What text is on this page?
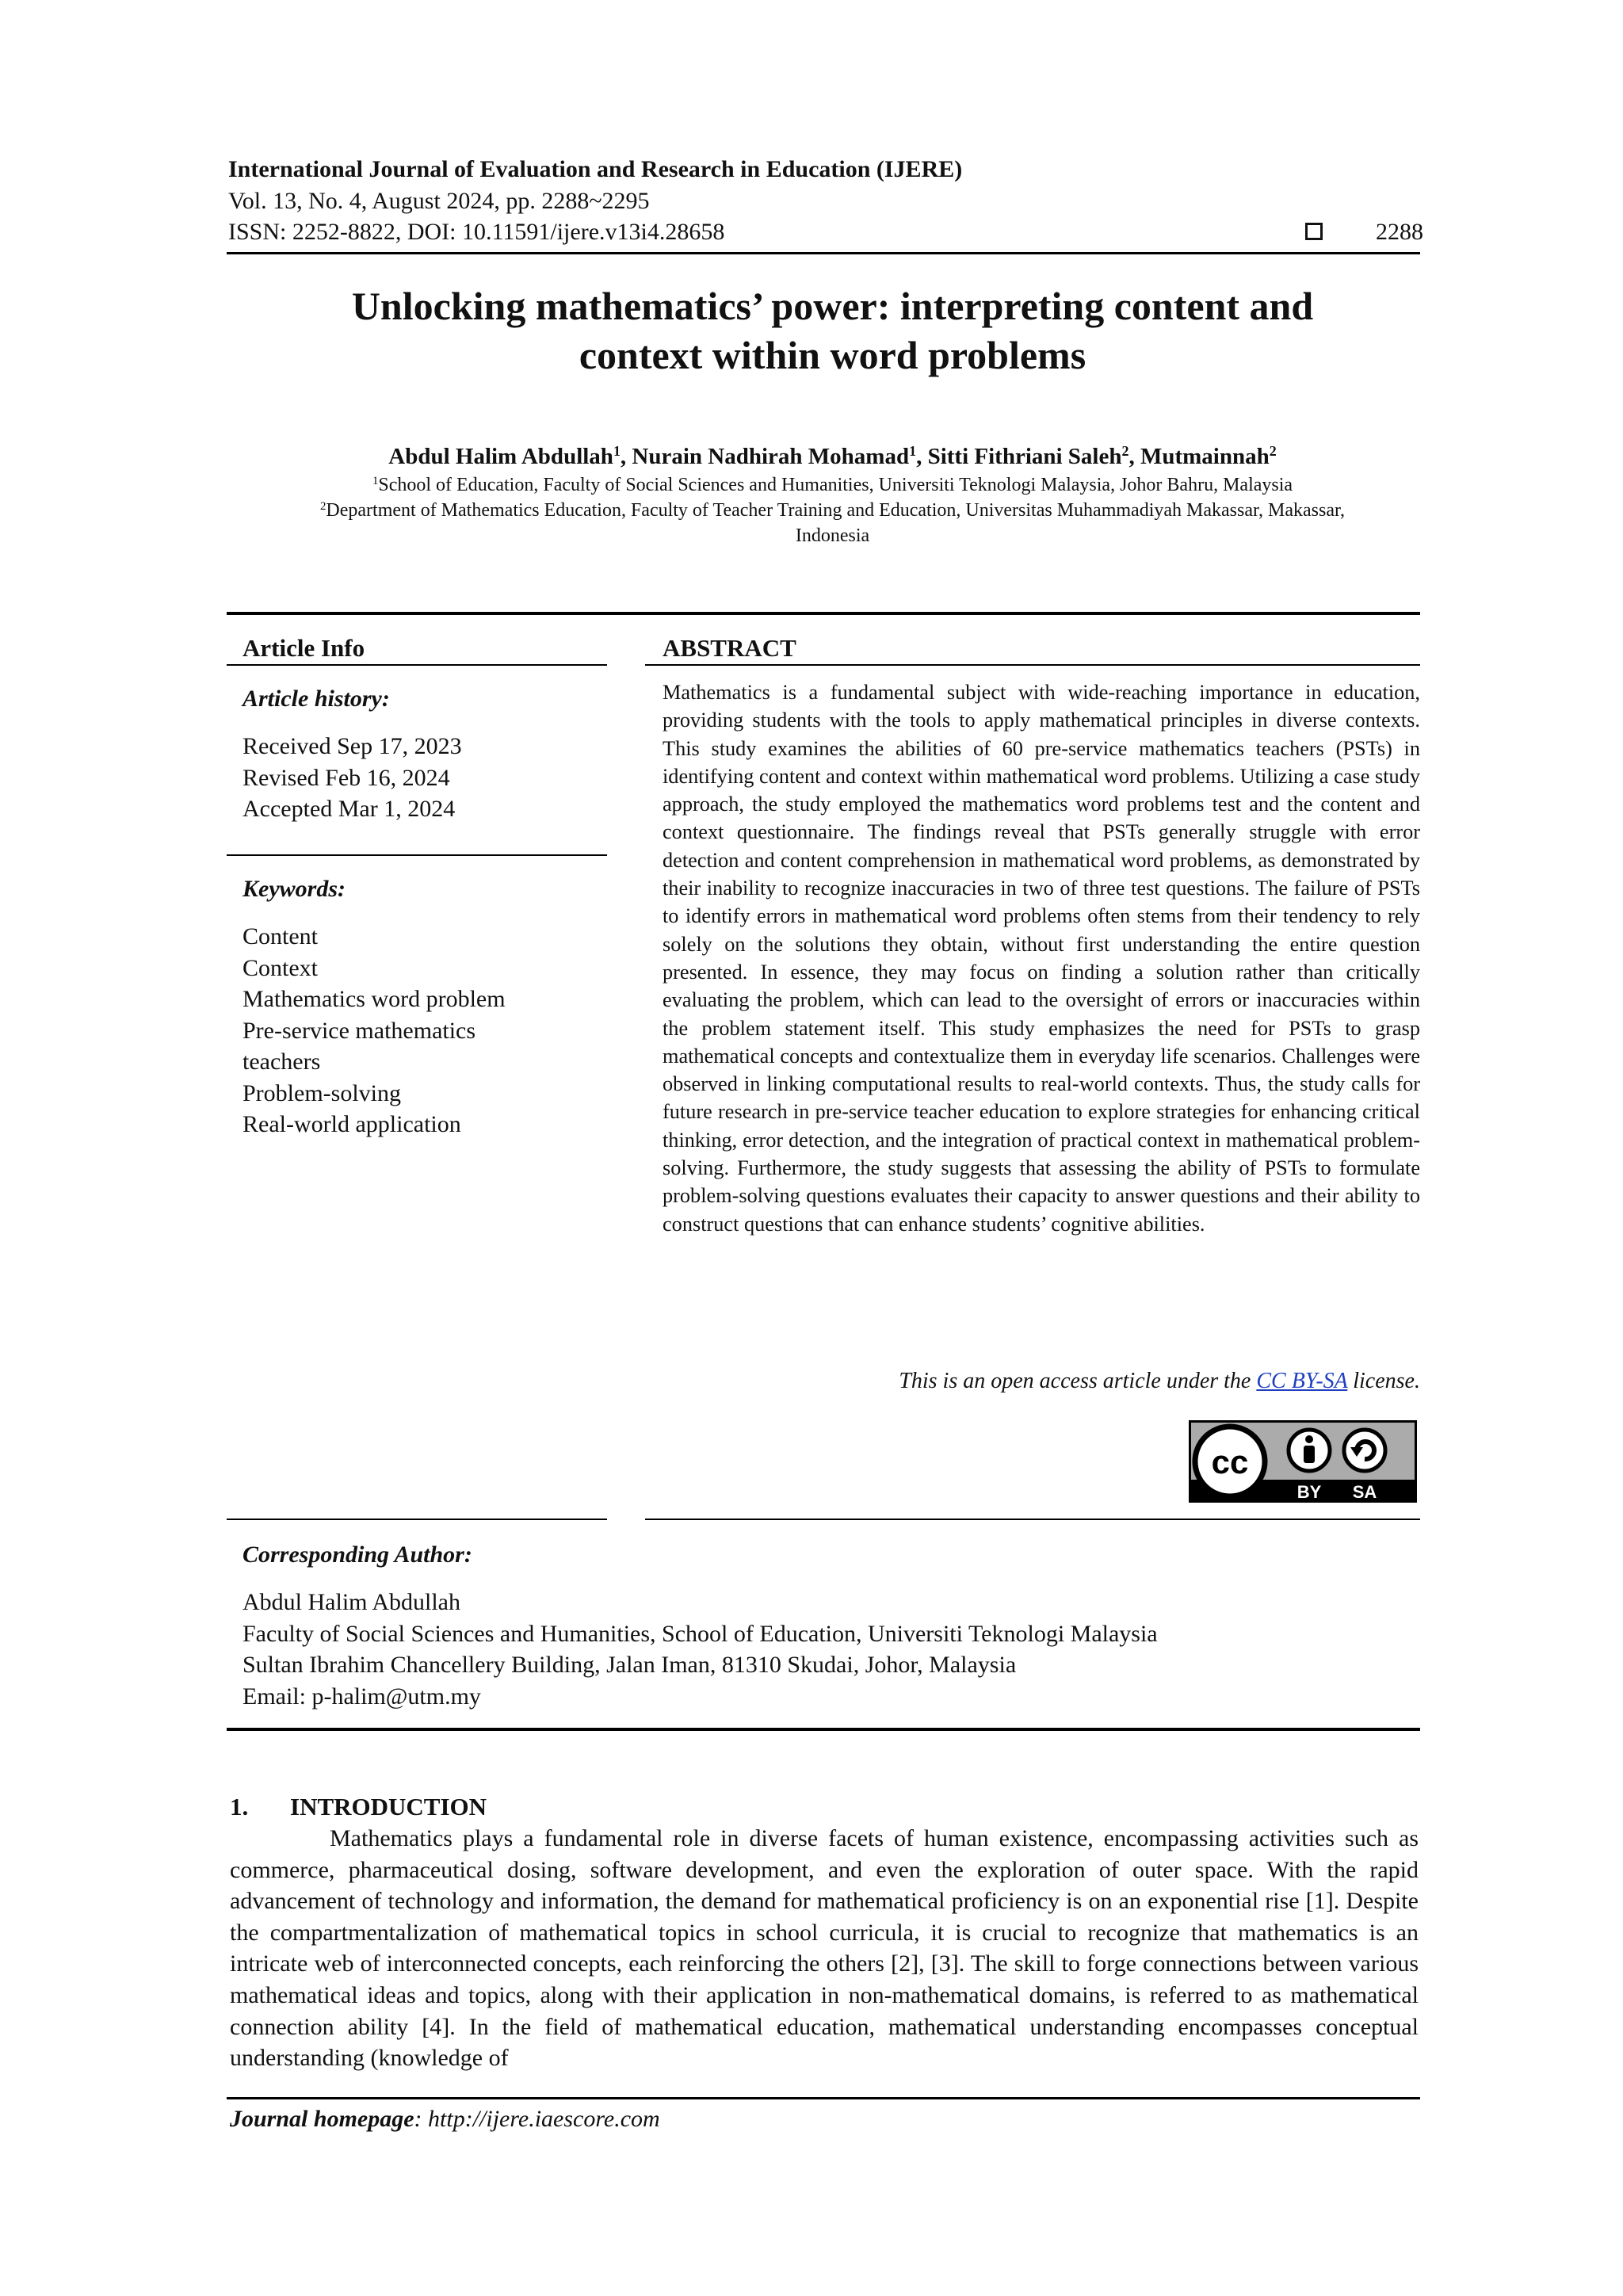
International Journal of Evaluation and Research in Education (IJERE)
Vol. 13, No. 4, August 2024, pp. 2288~2295
ISSN: 2252-8822, DOI: 10.11591/ijere.v13i4.28658	2288
Unlocking mathematics’ power: interpreting content and
context within word problems
Abdul Halim Abdullah$^1$, Nurain Nadhirah Mohamad$^1$, Sitti Fithriani Saleh$^2$, Mutmainnah$^2$
$^1$School of Education, Faculty of Social Sciences and Humanities, Universiti Teknologi Malaysia, Johor Bahru, Malaysia
$^2$Department of Mathematics Education, Faculty of Teacher Training and Education, Universitas Muhammadiyah Makassar, Makassar,
Indonesia
Article Info
Article history:
Received Sep 17, 2023
Revised Feb 16, 2024
Accepted Mar 1, 2024
Keywords:
Content
Context
Mathematics word problem
Pre-service mathematics
teachers
Problem-solving
Real-world application
ABSTRACT
Mathematics is a fundamental subject with wide-reaching importance in education, providing students with the tools to apply mathematical principles in diverse contexts. This study examines the abilities of 60 pre-service mathematics teachers (PSTs) in identifying content and context within mathematical word problems. Utilizing a case study approach, the study employed the mathematics word problems test and the content and context questionnaire. The findings reveal that PSTs generally struggle with error detection and content comprehension in mathematical word problems, as demonstrated by their inability to recognize inaccuracies in two of three test questions. The failure of PSTs to identify errors in mathematical word problems often stems from their tendency to rely solely on the solutions they obtain, without first understanding the entire question presented. In essence, they may focus on finding a solution rather than critically evaluating the problem, which can lead to the oversight of errors or inaccuracies within the problem statement itself. This study emphasizes the need for PSTs to grasp mathematical concepts and contextualize them in everyday life scenarios. Challenges were observed in linking computational results to real-world contexts. Thus, the study calls for future research in pre-service teacher education to explore strategies for enhancing critical thinking, error detection, and the integration of practical context in mathematical problem-solving. Furthermore, the study suggests that assessing the ability of PSTs to formulate problem-solving questions evaluates their capacity to answer questions and their ability to construct questions that can enhance students’ cognitive abilities.
This is an open access article under the CC BY-SA license.
cc
BY SA
Corresponding Author:
Abdul Halim Abdullah
Faculty of Social Sciences and Humanities, School of Education, Universiti Teknologi Malaysia
Sultan Ibrahim Chancellery Building, Jalan Iman, 81310 Skudai, Johor, Malaysia
Email: p-halim@utm.my
1. INTRODUCTION

Mathematics plays a fundamental role in diverse facets of human existence, encompassing activities such as commerce, pharmaceutical dosing, software development, and even the exploration of outer space. With the rapid advancement of technology and information, the demand for mathematical proficiency is on an exponential rise [1]. Despite the compartmentalization of mathematical topics in school curricula, it is crucial to recognize that mathematics is an intricate web of interconnected concepts, each reinforcing the others [2], [3]. The skill to forge connections between various mathematical ideas and topics, along with their application in non-mathematical domains, is referred to as mathematical connection ability [4]. In the field of mathematical education, mathematical understanding encompasses conceptual understanding (knowledge of

Journal homepage: http://ijere.iaescore.com
